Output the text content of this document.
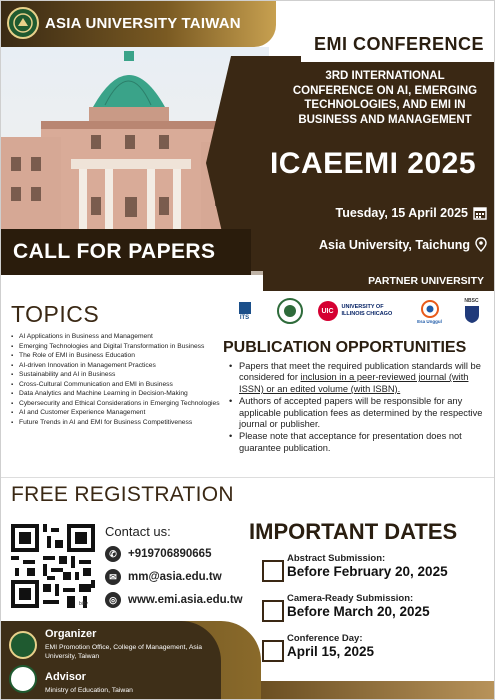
ASIA UNIVERSITY TAIWAN
EMI CONFERENCE
3RD INTERNATIONAL CONFERENCE ON AI, EMERGING TECHNOLOGIES, AND EMI IN BUSINESS AND MANAGEMENT
ICAEEMI 2025
Tuesday, 15 April 2025
Asia University, Taichung
CALL FOR PAPERS
PARTNER UNIVERSITY
ITS
UIC
UNIVERSITY OF ILLINOIS CHICAGO
Esa Unggul
NBSC
TOPICS
▪ AI Applications in Business and Management
▪ Emerging Technologies and Digital Transformation in Business
▪ The Role of EMI in Business Education
▪ AI-driven Innovation in Management Practices
▪ Sustainability and AI in Business
▪ Cross-Cultural Communication and EMI in Business
▪ Data Analytics and Machine Learning in Decision-Making
▪ Cybersecurity and Ethical Considerations in Emerging Technologies
▪ AI and Customer Experience Management
▪ Future Trends in AI and EMI for Business Competitiveness
PUBLICATION OPPORTUNITIES
• Papers that meet the required publication standards will be considered for inclusion in a peer-reviewed journal (with ISSN) or an edited volume (with ISBN).
• Authors of accepted papers will be responsible for any applicable publication fees as determined by the respective journal or publisher.
• Please note that acceptance for presentation does not guarantee publication.
FREE REGISTRATION
bitly
Contact us:
✆ +919706890665
✉ mm@asia.edu.tw
◎ www.emi.asia.edu.tw
IMPORTANT DATES
Abstract Submission:
Before February 20, 2025
Camera-Ready Submission:
Before March 20, 2025
Conference Day:
April 15, 2025
Organizer
EMI Promotion Office, College of Management, Asia University, Taiwan
Advisor
Ministry of Education, Taiwan
